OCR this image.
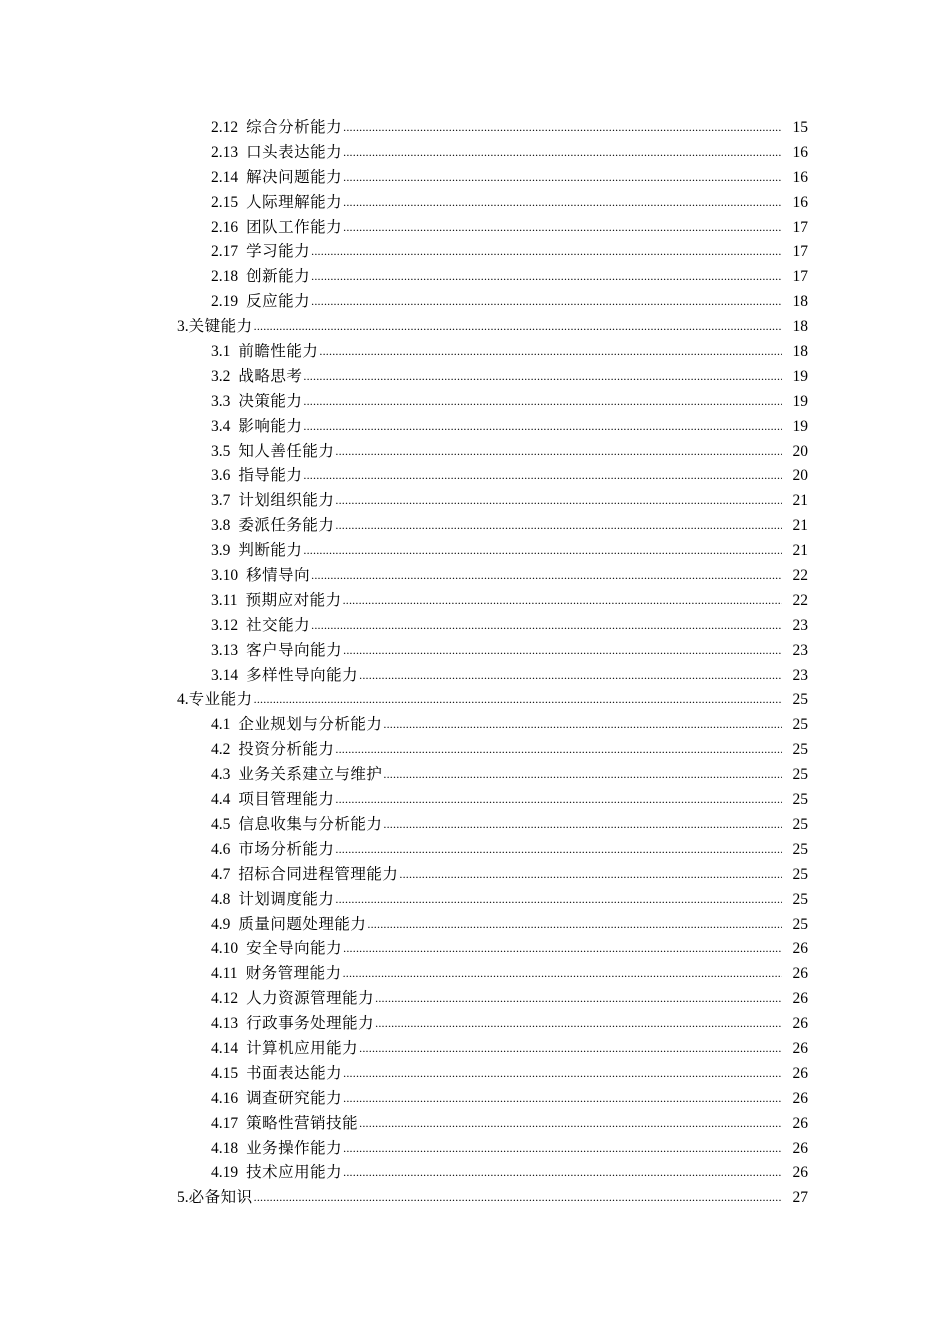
2.12 综合分析能力 .....	15
2.13 口头表达能力 .....	16
2.14 解决问题能力 .....	16
2.15 人际理解能力 .....	16
2.16 团队工作能力 .....	17
2.17 学习能力 .....	17
2.18 创新能力 .....	17
2.19 反应能力 .....	18
3. 关键能力 .....	18
3.1 前瞻性能力 .....	18
3.2 战略思考 .....	19
3.3 决策能力 .....	19
3.4 影响能力 .....	19
3.5 知人善任能力 .....	20
3.6 指导能力 .....	20
3.7 计划组织能力 .....	21
3.8 委派任务能力 .....	21
3.9 判断能力 .....	21
3.10 移情导向 .....	22
3.11 预期应对能力 .....	22
3.12 社交能力 .....	23
3.13 客户导向能力 .....	23
3.14 多样性导向能力 .....	23
4. 专业能力 .....	25
4.1 企业规划与分析能力 .....	25
4.2 投资分析能力 .....	25
4.3 业务关系建立与维护 .....	25
4.4 项目管理能力 .....	25
4.5 信息收集与分析能力 .....	25
4.6 市场分析能力 .....	25
4.7 招标合同进程管理能力 .....	25
4.8 计划调度能力 .....	25
4.9 质量问题处理能力 .....	25
4.10 安全导向能力 .....	26
4.11 财务管理能力 .....	26
4.12 人力资源管理能力 .....	26
4.13 行政事务处理能力 .....	26
4.14 计算机应用能力 .....	26
4.15 书面表达能力 .....	26
4.16 调查研究能力 .....	26
4.17 策略性营销技能 .....	26
4.18 业务操作能力 .....	26
4.19 技术应用能力 .....	26
5. 必备知识 .....	27
